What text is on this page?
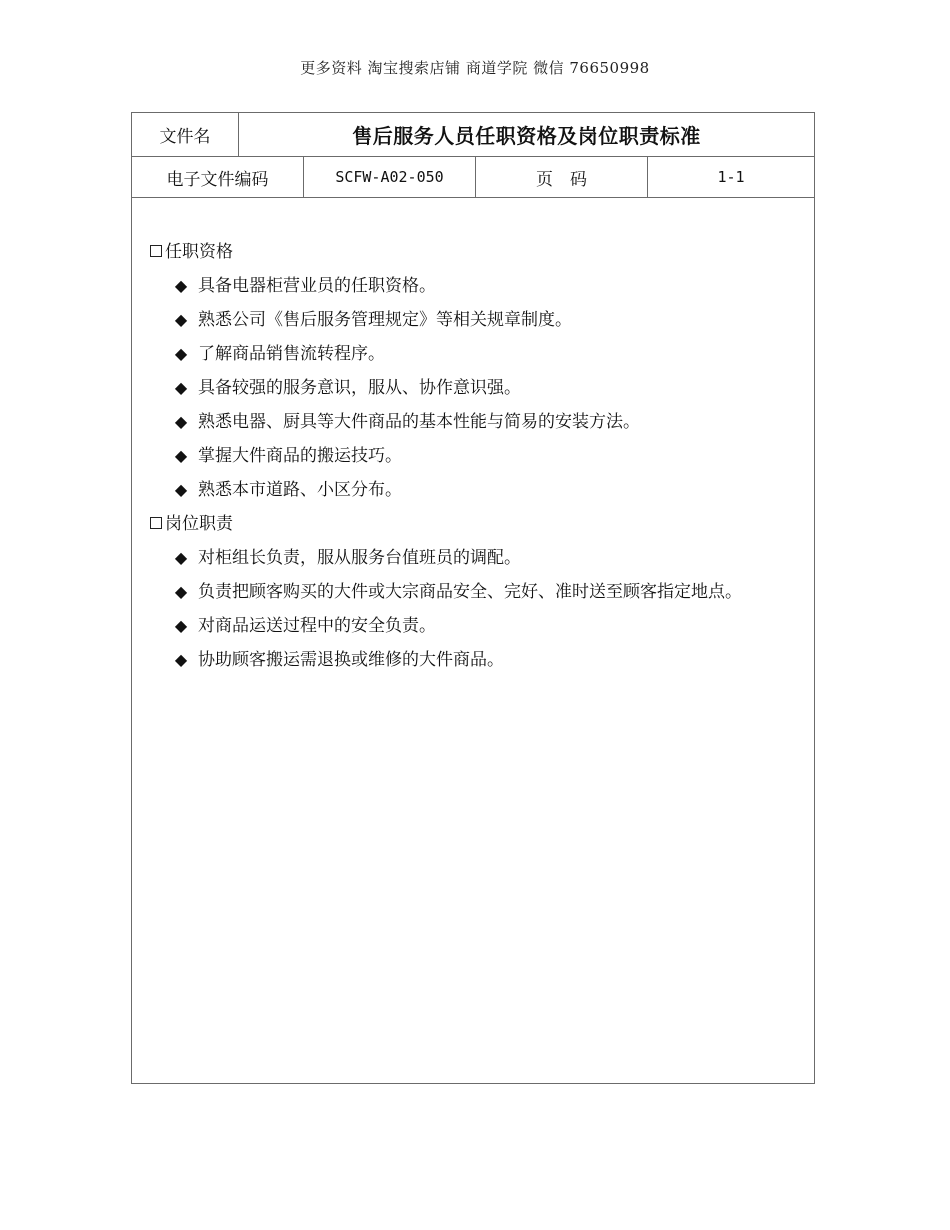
更多资料 淘宝搜索店铺 商道学院 微信 76650998
文件名	售后服务人员任职资格及岗位职责标准
电子文件编码	SCFW-A02-050	页　码	1-1
任职资格
◆ 具备电器柜营业员的任职资格。
◆ 熟悉公司《售后服务管理规定》等相关规章制度。
◆ 了解商品销售流转程序。
◆ 具备较强的服务意识，服从、协作意识强。
◆ 熟悉电器、厨具等大件商品的基本性能与简易的安装方法。
◆ 掌握大件商品的搬运技巧。
◆ 熟悉本市道路、小区分布。
岗位职责
◆ 对柜组长负责，服从服务台值班员的调配。
◆ 负责把顾客购买的大件或大宗商品安全、完好、准时送至顾客指定地点。
◆ 对商品运送过程中的安全负责。
◆ 协助顾客搬运需退换或维修的大件商品。
